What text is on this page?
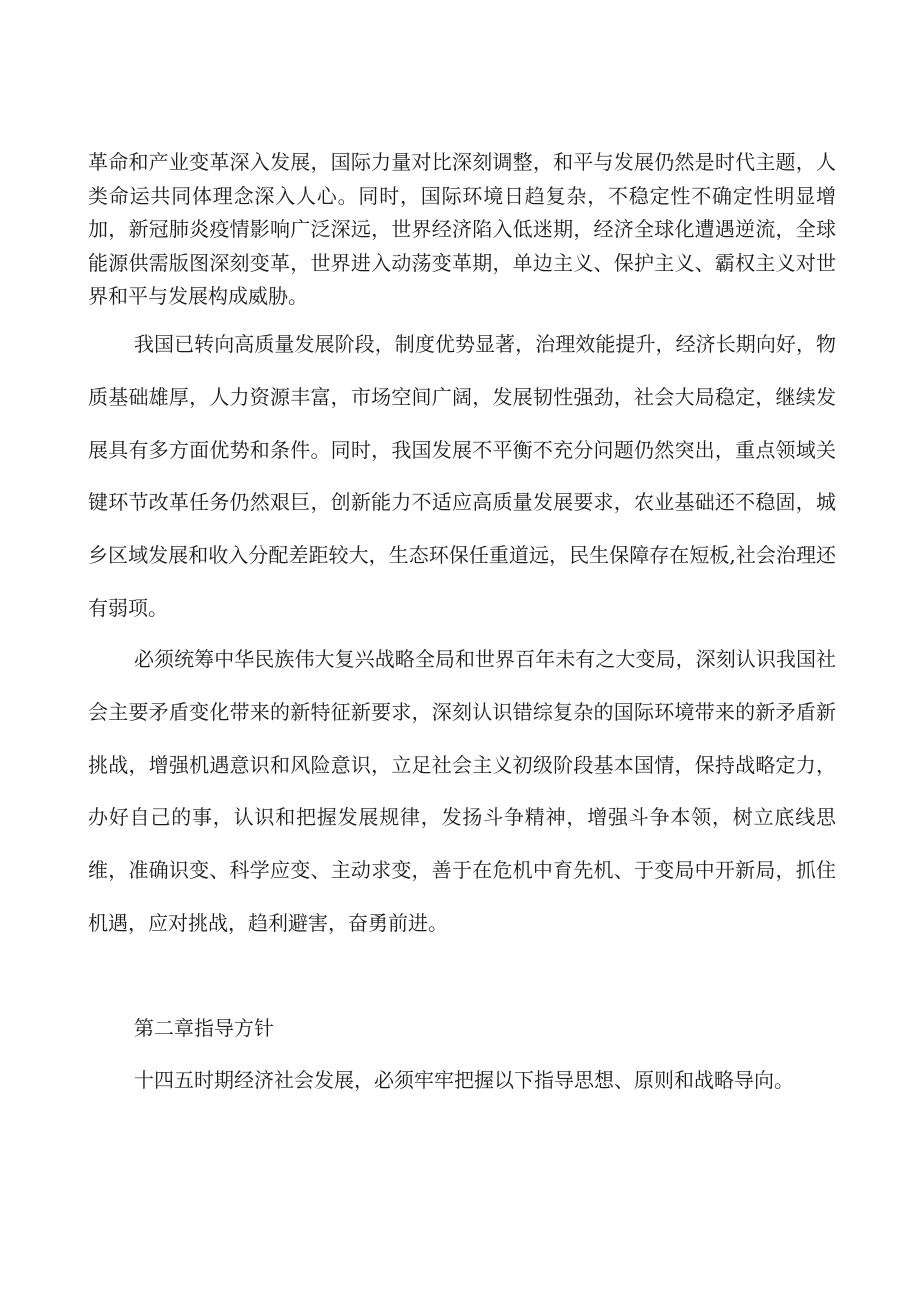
革命和产业变革深入发展，国际力量对比深刻调整，和平与发展仍然是时代主题，人类命运共同体理念深入人心。同时，国际环境日趋复杂，不稳定性不确定性明显增加，新冠肺炎疫情影响广泛深远，世界经济陷入低迷期，经济全球化遭遇逆流，全球能源供需版图深刻变革，世界进入动荡变革期，单边主义、保护主义、霸权主义对世界和平与发展构成威胁。

我国已转向高质量发展阶段，制度优势显著，治理效能提升，经济长期向好，物质基础雄厚，人力资源丰富，市场空间广阔，发展韧性强劲，社会大局稳定，继续发展具有多方面优势和条件。同时，我国发展不平衡不充分问题仍然突出，重点领域关键环节改革任务仍然艰巨，创新能力不适应高质量发展要求，农业基础还不稳固，城乡区域发展和收入分配差距较大，生态环保任重道远，民生保障存在短板,社会治理还有弱项。

必须统筹中华民族伟大复兴战略全局和世界百年未有之大变局，深刻认识我国社会主要矛盾变化带来的新特征新要求，深刻认识错综复杂的国际环境带来的新矛盾新挑战，增强机遇意识和风险意识，立足社会主义初级阶段基本国情，保持战略定力，办好自己的事，认识和把握发展规律，发扬斗争精神，增强斗争本领，树立底线思维，准确识变、科学应变、主动求变，善于在危机中育先机、于变局中开新局，抓住机遇，应对挑战，趋利避害，奋勇前进。

第二章指导方针

十四五时期经济社会发展，必须牢牢把握以下指导思想、原则和战略导向。
